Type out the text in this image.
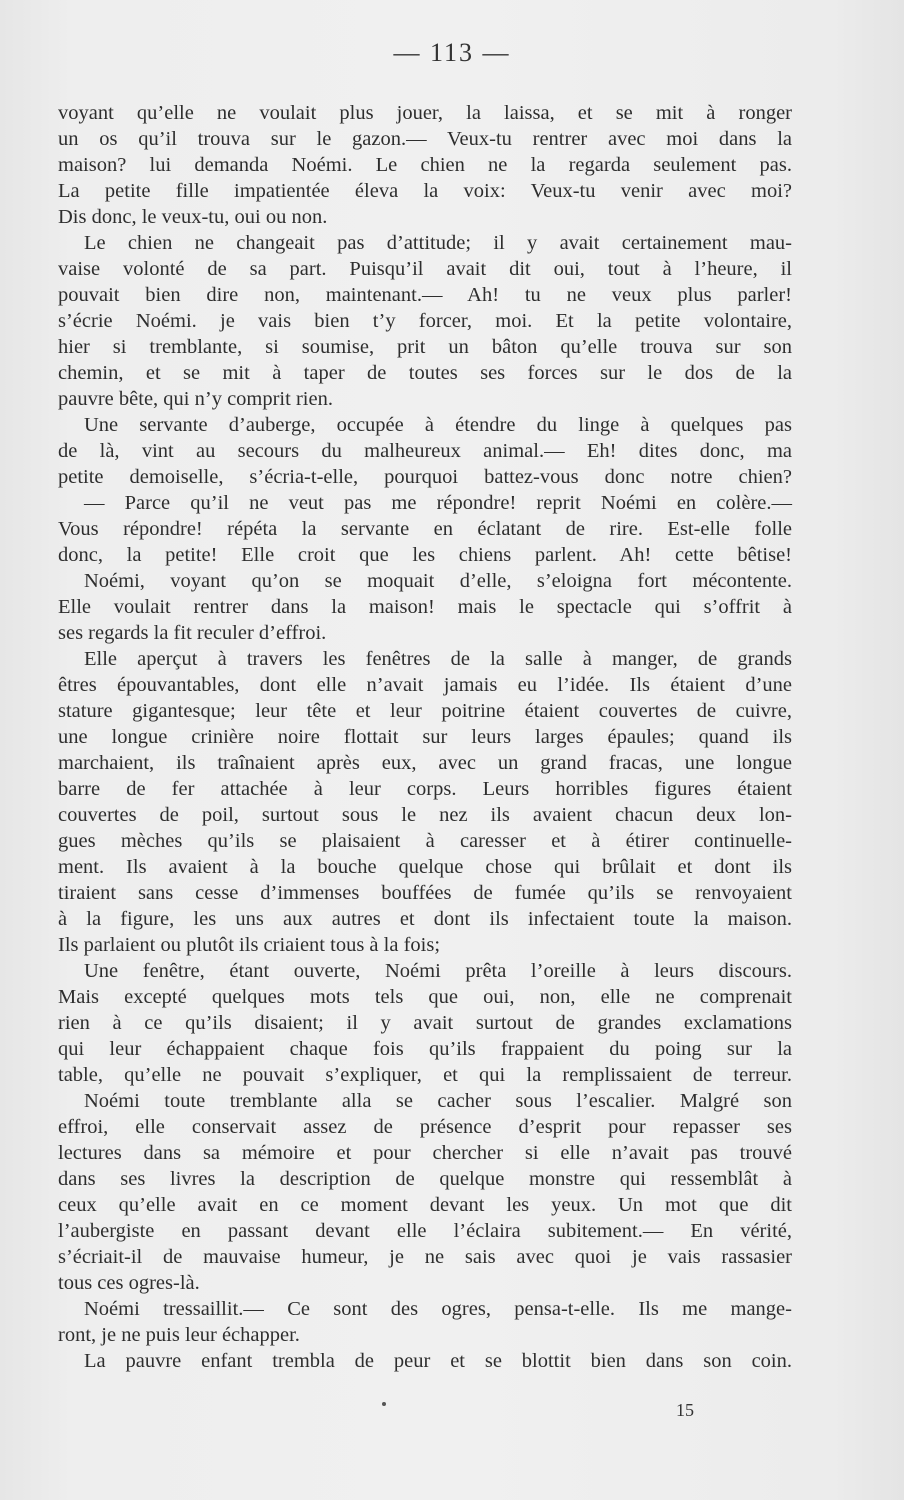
— 113 —
voyant qu’elle ne voulait plus jouer, la laissa, et se mit à ronger
un os qu’il trouva sur le gazon.— Veux-tu rentrer avec moi dans la
maison? lui demanda Noémi. Le chien ne la regarda seulement pas.
La petite fille impatientée éleva la voix: Veux-tu venir avec moi?
Dis donc, le veux-tu, oui ou non.
Le chien ne changeait pas d’attitude; il y avait certainement mau-
vaise volonté de sa part. Puisqu’il avait dit oui, tout à l’heure, il
pouvait bien dire non, maintenant.— Ah! tu ne veux plus parler!
s’écrie Noémi. je vais bien t’y forcer, moi. Et la petite volontaire,
hier si tremblante, si soumise, prit un bâton qu’elle trouva sur son
chemin, et se mit à taper de toutes ses forces sur le dos de la
pauvre bête, qui n’y comprit rien.
Une servante d’auberge, occupée à étendre du linge à quelques pas
de là, vint au secours du malheureux animal.— Eh! dites donc, ma
petite demoiselle, s’écria-t-elle, pourquoi battez-vous donc notre chien?
— Parce qu’il ne veut pas me répondre! reprit Noémi en colère.—
Vous répondre! répéta la servante en éclatant de rire. Est-elle folle
donc, la petite! Elle croit que les chiens parlent. Ah! cette bêtise!
Noémi, voyant qu’on se moquait d’elle, s’eloigna fort mécontente.
Elle voulait rentrer dans la maison! mais le spectacle qui s’offrit à
ses regards la fit reculer d’effroi.
Elle aperçut à travers les fenêtres de la salle à manger, de grands
êtres épouvantables, dont elle n’avait jamais eu l’idée. Ils étaient d’une
stature gigantesque; leur tête et leur poitrine étaient couvertes de cuivre,
une longue crinière noire flottait sur leurs larges épaules; quand ils
marchaient, ils traînaient après eux, avec un grand fracas, une longue
barre de fer attachée à leur corps. Leurs horribles figures étaient
couvertes de poil, surtout sous le nez ils avaient chacun deux lon-
gues mèches qu’ils se plaisaient à caresser et à étirer continuelle-
ment. Ils avaient à la bouche quelque chose qui brûlait et dont ils
tiraient sans cesse d’immenses bouffées de fumée qu’ils se renvoyaient
à la figure, les uns aux autres et dont ils infectaient toute la maison.
Ils parlaient ou plutôt ils criaient tous à la fois;
Une fenêtre, étant ouverte, Noémi prêta l’oreille à leurs discours.
Mais excepté quelques mots tels que oui, non, elle ne comprenait
rien à ce qu’ils disaient; il y avait surtout de grandes exclamations
qui leur échappaient chaque fois qu’ils frappaient du poing sur la
table, qu’elle ne pouvait s’expliquer, et qui la remplissaient de terreur.
Noémi toute tremblante alla se cacher sous l’escalier. Malgré son
effroi, elle conservait assez de présence d’esprit pour repasser ses
lectures dans sa mémoire et pour chercher si elle n’avait pas trouvé
dans ses livres la description de quelque monstre qui ressemblât à
ceux qu’elle avait en ce moment devant les yeux. Un mot que dit
l’aubergiste en passant devant elle l’éclaira subitement.— En vérité,
s’écriait-il de mauvaise humeur, je ne sais avec quoi je vais rassasier
tous ces ogres-là.
Noémi tressaillit.— Ce sont des ogres, pensa-t-elle. Ils me mange-
ront, je ne puis leur échapper.
La pauvre enfant trembla de peur et se blottit bien dans son coin.
15
